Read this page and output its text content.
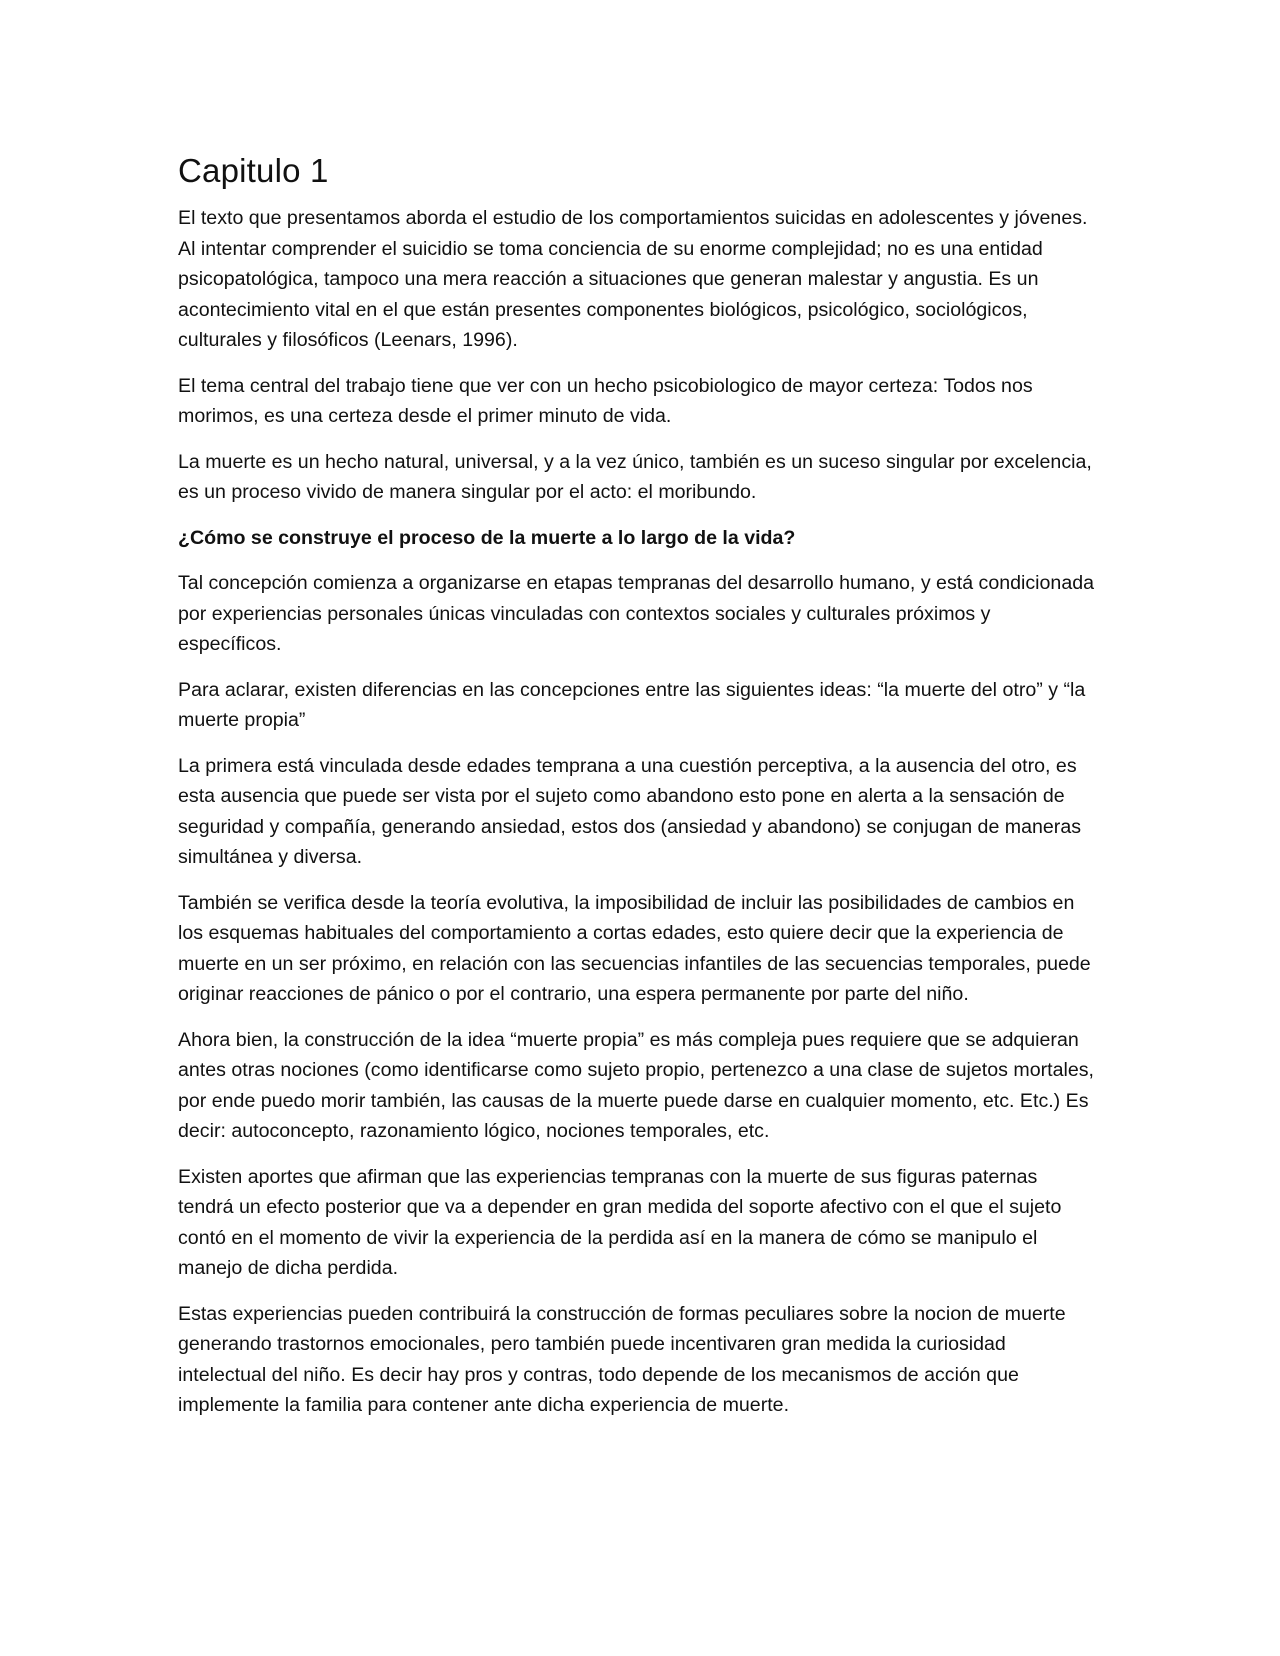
Capitulo 1

El texto que presentamos aborda el estudio de los comportamientos suicidas en adolescentes y jóvenes. Al intentar comprender el suicidio se toma conciencia de su enorme complejidad; no es una entidad psicopatológica, tampoco una mera reacción a situaciones que generan malestar y angustia. Es un acontecimiento vital en el que están presentes componentes biológicos, psicológico, sociológicos, culturales y filosóficos (Leenars, 1996).

El tema central del trabajo tiene que ver con un hecho psicobiologico de mayor certeza: Todos nos morimos, es una certeza desde el primer minuto de vida.

La muerte es un hecho natural, universal, y a la vez único, también es un suceso singular por excelencia, es un proceso vivido de manera singular por el acto: el moribundo.

¿Cómo se construye el proceso de la muerte a lo largo de la vida?

Tal concepción comienza a organizarse en etapas tempranas del desarrollo humano, y está condicionada por experiencias personales únicas vinculadas con contextos sociales y culturales próximos y específicos.

Para aclarar, existen diferencias en las concepciones entre las siguientes ideas: “la muerte del otro” y “la muerte propia”

La primera está vinculada desde edades temprana a una cuestión perceptiva, a la ausencia del otro, es esta ausencia que puede ser vista por el sujeto como abandono esto pone en alerta a la sensación de seguridad y compañía, generando ansiedad, estos dos (ansiedad y abandono) se conjugan de maneras simultánea y diversa.

También se verifica desde la teoría evolutiva, la imposibilidad de incluir las posibilidades de cambios en los esquemas habituales del comportamiento a cortas edades, esto quiere decir que la experiencia de muerte en un ser próximo, en relación con las secuencias infantiles de las secuencias temporales, puede originar reacciones de pánico o por el contrario, una espera permanente por parte del niño.

Ahora bien, la construcción de la idea “muerte propia” es más compleja pues requiere que se adquieran antes otras nociones (como identificarse como sujeto propio, pertenezco a una clase de sujetos mortales, por ende puedo morir también, las causas de la muerte puede darse en cualquier momento, etc. Etc.) Es decir: autoconcepto, razonamiento lógico, nociones temporales, etc.

Existen aportes que afirman que las experiencias tempranas con la muerte de sus figuras paternas tendrá un efecto posterior que va a depender en gran medida del soporte afectivo con el que el sujeto contó en el momento de vivir la experiencia de la perdida así en la manera de cómo se manipulo el manejo de dicha perdida.

Estas experiencias pueden contribuirá la construcción de formas peculiares sobre la nocion de muerte generando trastornos emocionales, pero también puede incentivaren gran medida la curiosidad intelectual del niño. Es decir hay pros y contras, todo depende de los mecanismos de acción que implemente la familia para contener ante dicha experiencia de muerte.
